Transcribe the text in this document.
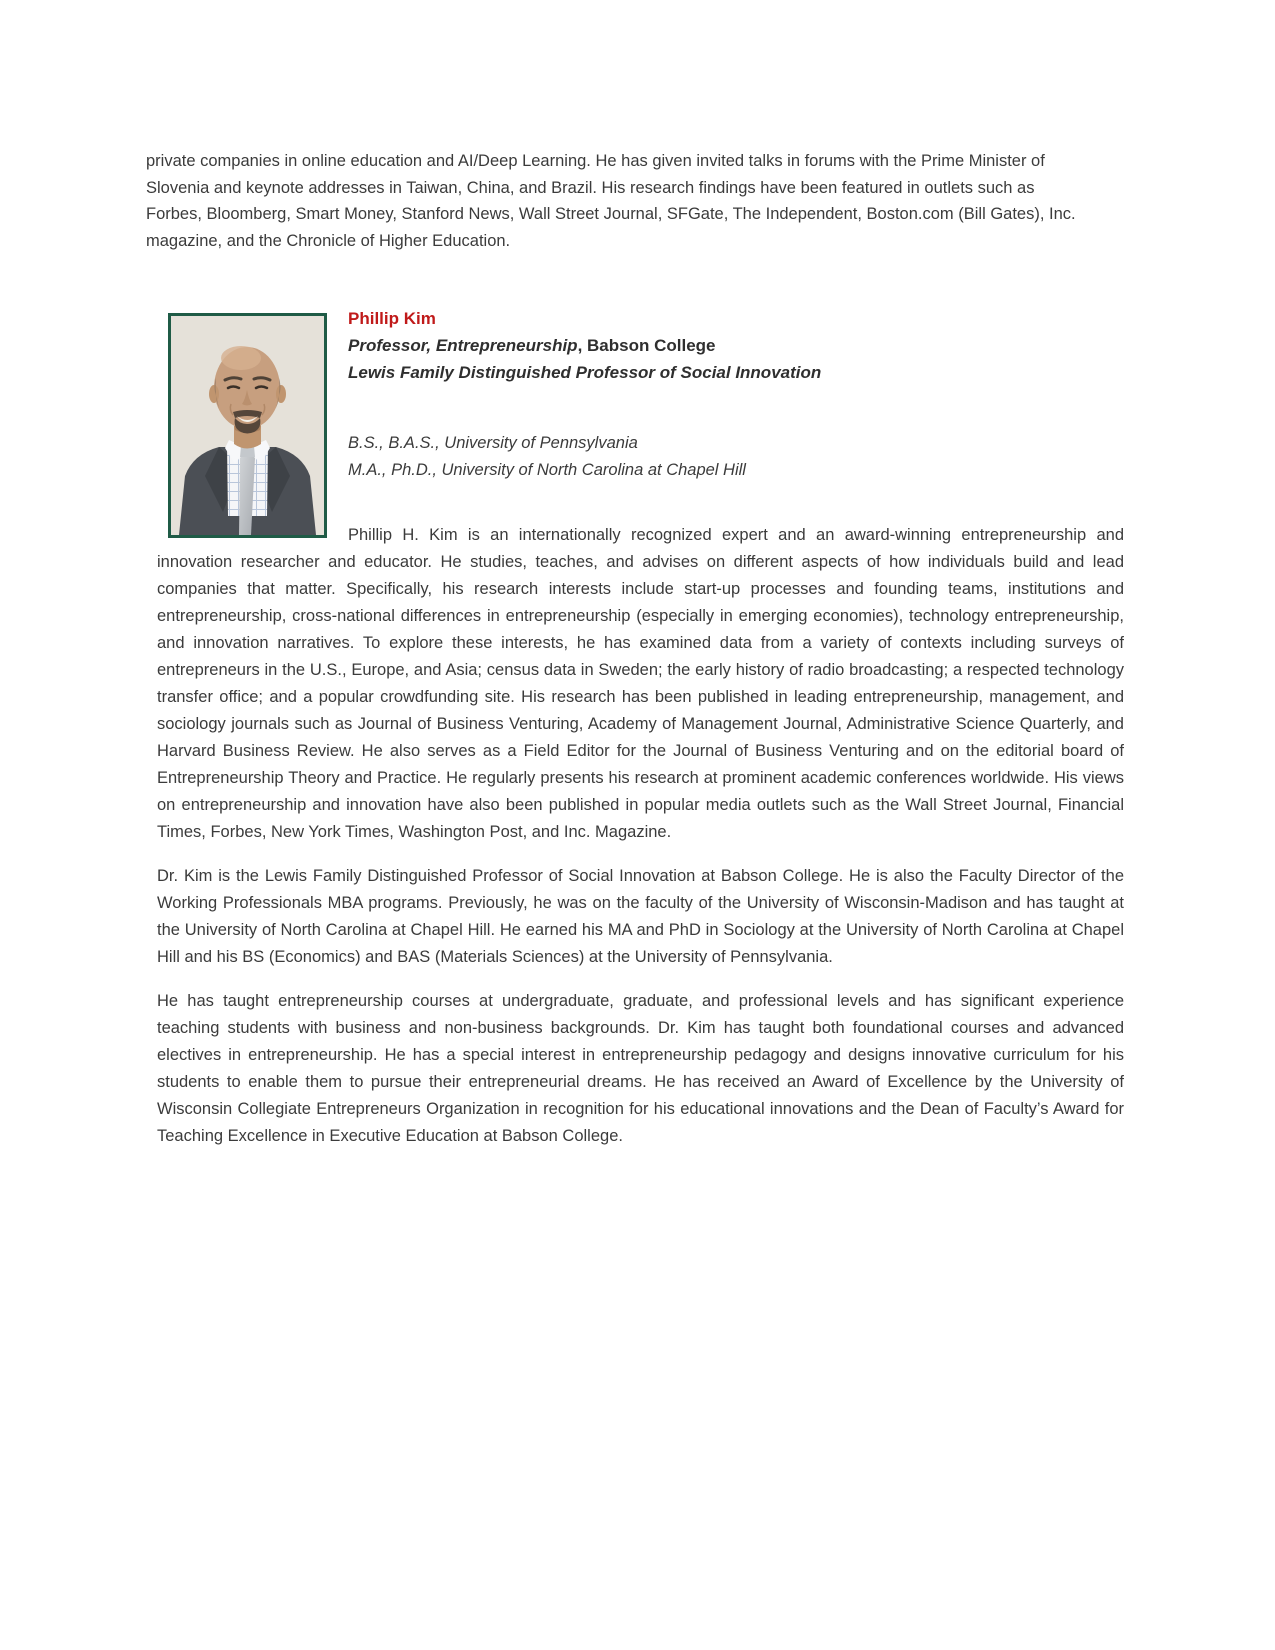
private companies in online education and AI/Deep Learning. He has given invited talks in forums with the Prime Minister of Slovenia and keynote addresses in Taiwan, China, and Brazil. His research findings have been featured in outlets such as Forbes, Bloomberg, Smart Money, Stanford News, Wall Street Journal, SFGate, The Independent, Boston.com (Bill Gates), Inc. magazine, and the Chronicle of Higher Education.

Phillip Kim

Professor, Entrepreneurship, Babson College

Lewis Family Distinguished Professor of Social Innovation

B.S., B.A.S., University of Pennsylvania

M.A., Ph.D., University of North Carolina at Chapel Hill

Phillip H. Kim is an internationally recognized expert and an award-winning entrepreneurship and innovation researcher and educator. He studies, teaches, and advises on different aspects of how individuals build and lead companies that matter. Specifically, his research interests include start-up processes and founding teams, institutions and entrepreneurship, cross-national differences in entrepreneurship (especially in emerging economies), technology entrepreneurship, and innovation narratives. To explore these interests, he has examined data from a variety of contexts including surveys of entrepreneurs in the U.S., Europe, and Asia; census data in Sweden; the early history of radio broadcasting; a respected technology transfer office; and a popular crowdfunding site. His research has been published in leading entrepreneurship, management, and sociology journals such as Journal of Business Venturing, Academy of Management Journal, Administrative Science Quarterly, and Harvard Business Review. He also serves as a Field Editor for the Journal of Business Venturing and on the editorial board of Entrepreneurship Theory and Practice. He regularly presents his research at prominent academic conferences worldwide. His views on entrepreneurship and innovation have also been published in popular media outlets such as the Wall Street Journal, Financial Times, Forbes, New York Times, Washington Post, and Inc. Magazine.

Dr. Kim is the Lewis Family Distinguished Professor of Social Innovation at Babson College. He is also the Faculty Director of the Working Professionals MBA programs. Previously, he was on the faculty of the University of Wisconsin-Madison and has taught at the University of North Carolina at Chapel Hill. He earned his MA and PhD in Sociology at the University of North Carolina at Chapel Hill and his BS (Economics) and BAS (Materials Sciences) at the University of Pennsylvania.

He has taught entrepreneurship courses at undergraduate, graduate, and professional levels and has significant experience teaching students with business and non-business backgrounds. Dr. Kim has taught both foundational courses and advanced electives in entrepreneurship. He has a special interest in entrepreneurship pedagogy and designs innovative curriculum for his students to enable them to pursue their entrepreneurial dreams. He has received an Award of Excellence by the University of Wisconsin Collegiate Entrepreneurs Organization in recognition for his educational innovations and the Dean of Faculty’s Award for Teaching Excellence in Executive Education at Babson College.
